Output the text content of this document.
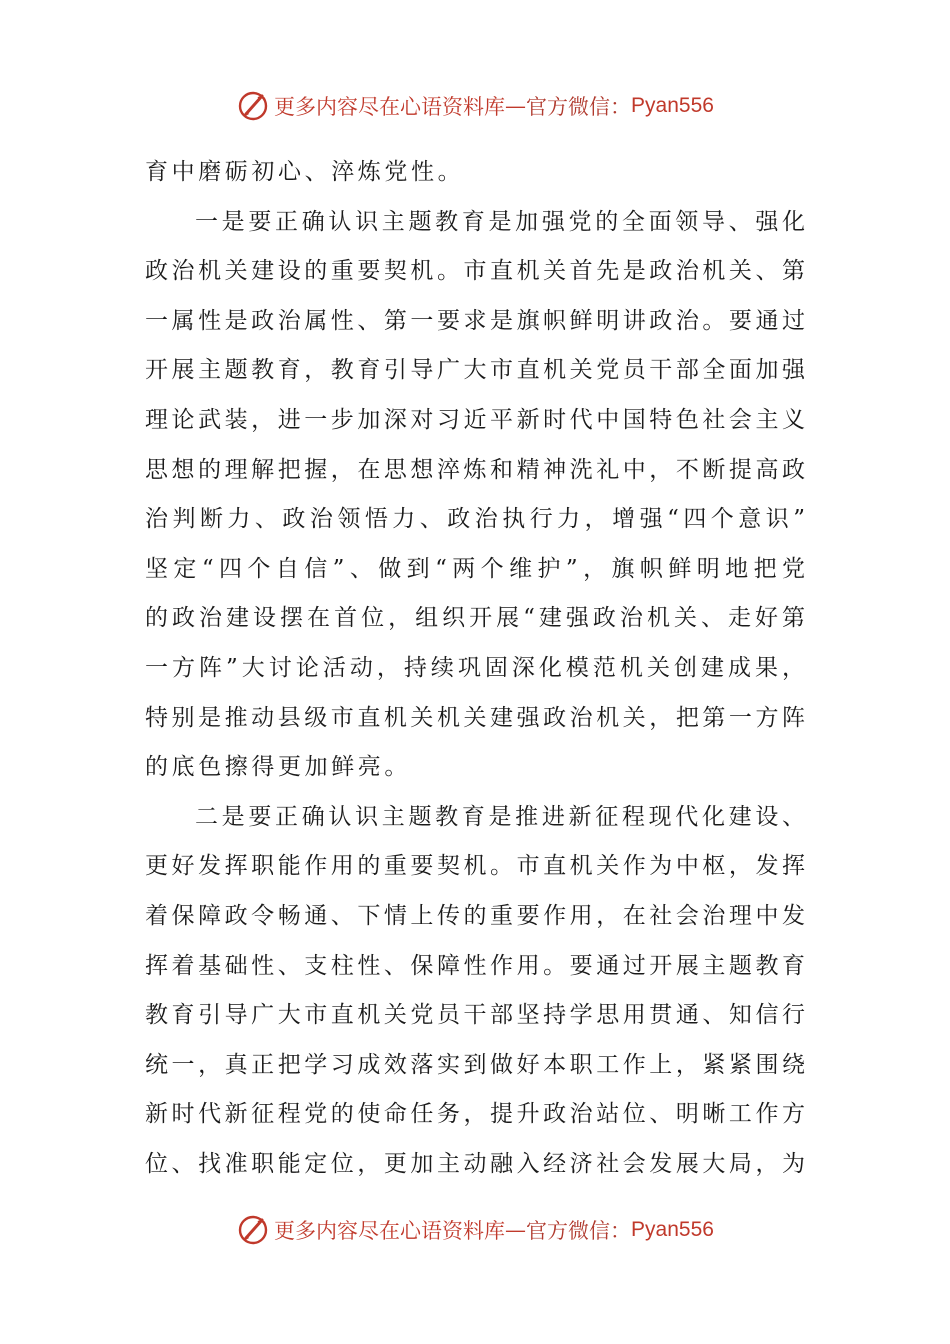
更多内容尽在心语资料库 — 官方微信： Pyan556
育中磨砺初心、淬炼党性。
一是要正确认识主题教育是加强党的全面领导、强化
政治机关建设的重要契机。市直机关首先是政治机关、第
一属性是政治属性、第一要求是旗帜鲜明讲政治。要通过
开展主题教育，教育引导广大市直机关党员干部全面加强
理论武装，进一步加深对习近平新时代中国特色社会主义
思想的理解把握，在思想淬炼和精神洗礼中，不断提高政
治判断力、政治领悟力、政治执行力，增强“四个意识”
坚定“四个自信”、做到“两个维护”，旗帜鲜明地把党
的政治建设摆在首位，组织开展“建强政治机关、走好第
一方阵”大讨论活动，持续巩固深化模范机关创建成果，
特别是推动县级市直机关机关建强政治机关，把第一方阵
的底色擦得更加鲜亮。
二是要正确认识主题教育是推进新征程现代化建设、
更好发挥职能作用的重要契机。市直机关作为中枢，发挥
着保障政令畅通、下情上传的重要作用，在社会治理中发
挥着基础性、支柱性、保障性作用。要通过开展主题教育
教育引导广大市直机关党员干部坚持学思用贯通、知信行
统一，真正把学习成效落实到做好本职工作上，紧紧围绕
新时代新征程党的使命任务，提升政治站位、明晰工作方
位、找准职能定位，更加主动融入经济社会发展大局，为
更多内容尽在心语资料库 — 官方微信： Pyan556
